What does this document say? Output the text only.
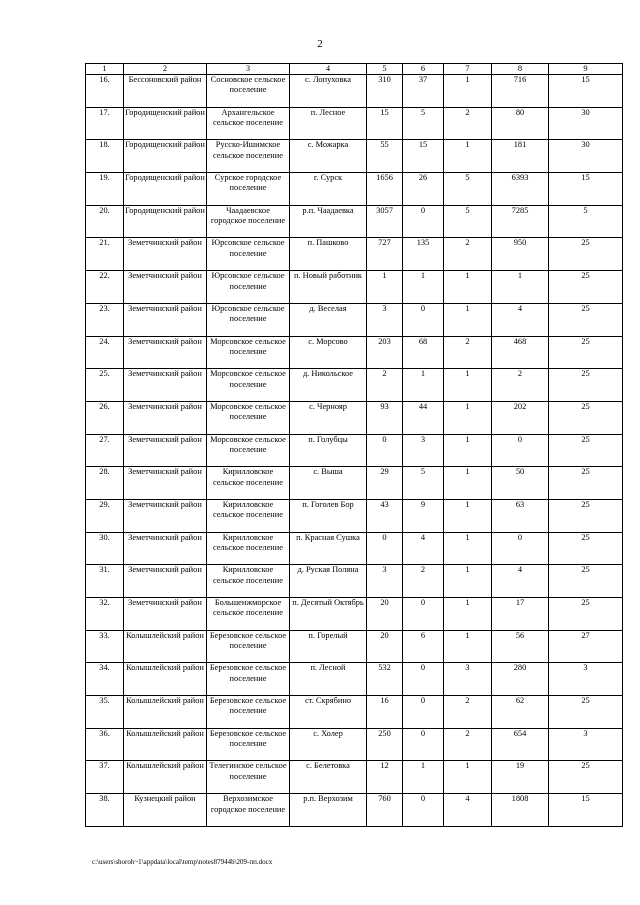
2
1	2	3	4	5	6	7	8	9
16.	Бессоновский район	Сосновское сельское поселение	с. Лопуховка	310	37	1	716	15
17.	Городищенский район	Архангельское сельское поселение	п. Лесное	15	5	2	80	30
18.	Городищенский район	Русско-Ишимское сельское поселение	с. Можарка	55	15	1	181	30
19.	Городищенский район	Сурское городское поселение	г. Сурск	1656	26	5	6393	15
20.	Городищенский район	Чаадаевское городское поселение	р.п. Чаадаевка	3057	0	5	7285	5
21.	Земетчинский район	Юрсовское сельское поселение	п. Пашково	727	135	2	950	25
22.	Земетчинский район	Юрсовское сельское поселение	п. Новый работник	1	1	1	1	25
23.	Земетчинский район	Юрсовское сельское поселение	д. Веселая	3	0	1	4	25
24.	Земетчинский район	Морсовское сельское поселение	с. Морсово	203	68	2	468	25
25.	Земетчинский район	Морсовское сельское поселение	д. Никольское	2	1	1	2	25
26.	Земетчинский район	Морсовское сельское поселение	с. Чернояр	93	44	1	202	25
27.	Земетчинский район	Морсовское сельское поселение	п. Голубцы	0	3	1	0	25
28.	Земетчинский район	Кирилловское сельское поселение	с. Выша	29	5	1	50	25
29.	Земетчинский район	Кирилловское сельское поселение	п. Гоголев Бор	43	9	1	63	25
30.	Земетчинский район	Кирилловское сельское поселение	п. Красная Сушка	0	4	1	0	25
31.	Земетчинский район	Кирилловское сельское поселение	д. Руская Поляна	3	2	1	4	25
32.	Земетчинский район	Большеижморское сельское поселение	п. Десятый Октябрь	20	0	1	17	25
33.	Колышлейский район	Березовское сельское поселение	п. Горелый	20	6	1	56	27
34.	Колышлейский район	Березовское сельское поселение	п. Лесной	532	0	3	280	3
35.	Колышлейский район	Березовское сельское поселение	ст. Скрябино	16	0	2	62	25
36.	Колышлейский район	Березовское сельское поселение	с. Холер	250	0	2	654	3
37.	Колышлейский район	Телегинское сельское поселение	с. Белетовка	12	1	1	19	25
38.	Кузнецкий район	Верхозимское городское поселение	р.п. Верхозим	760	0	4	1808	15
c:\users\shoroh~1\appdata\local\temp\notes87944b\209-пп.docx
